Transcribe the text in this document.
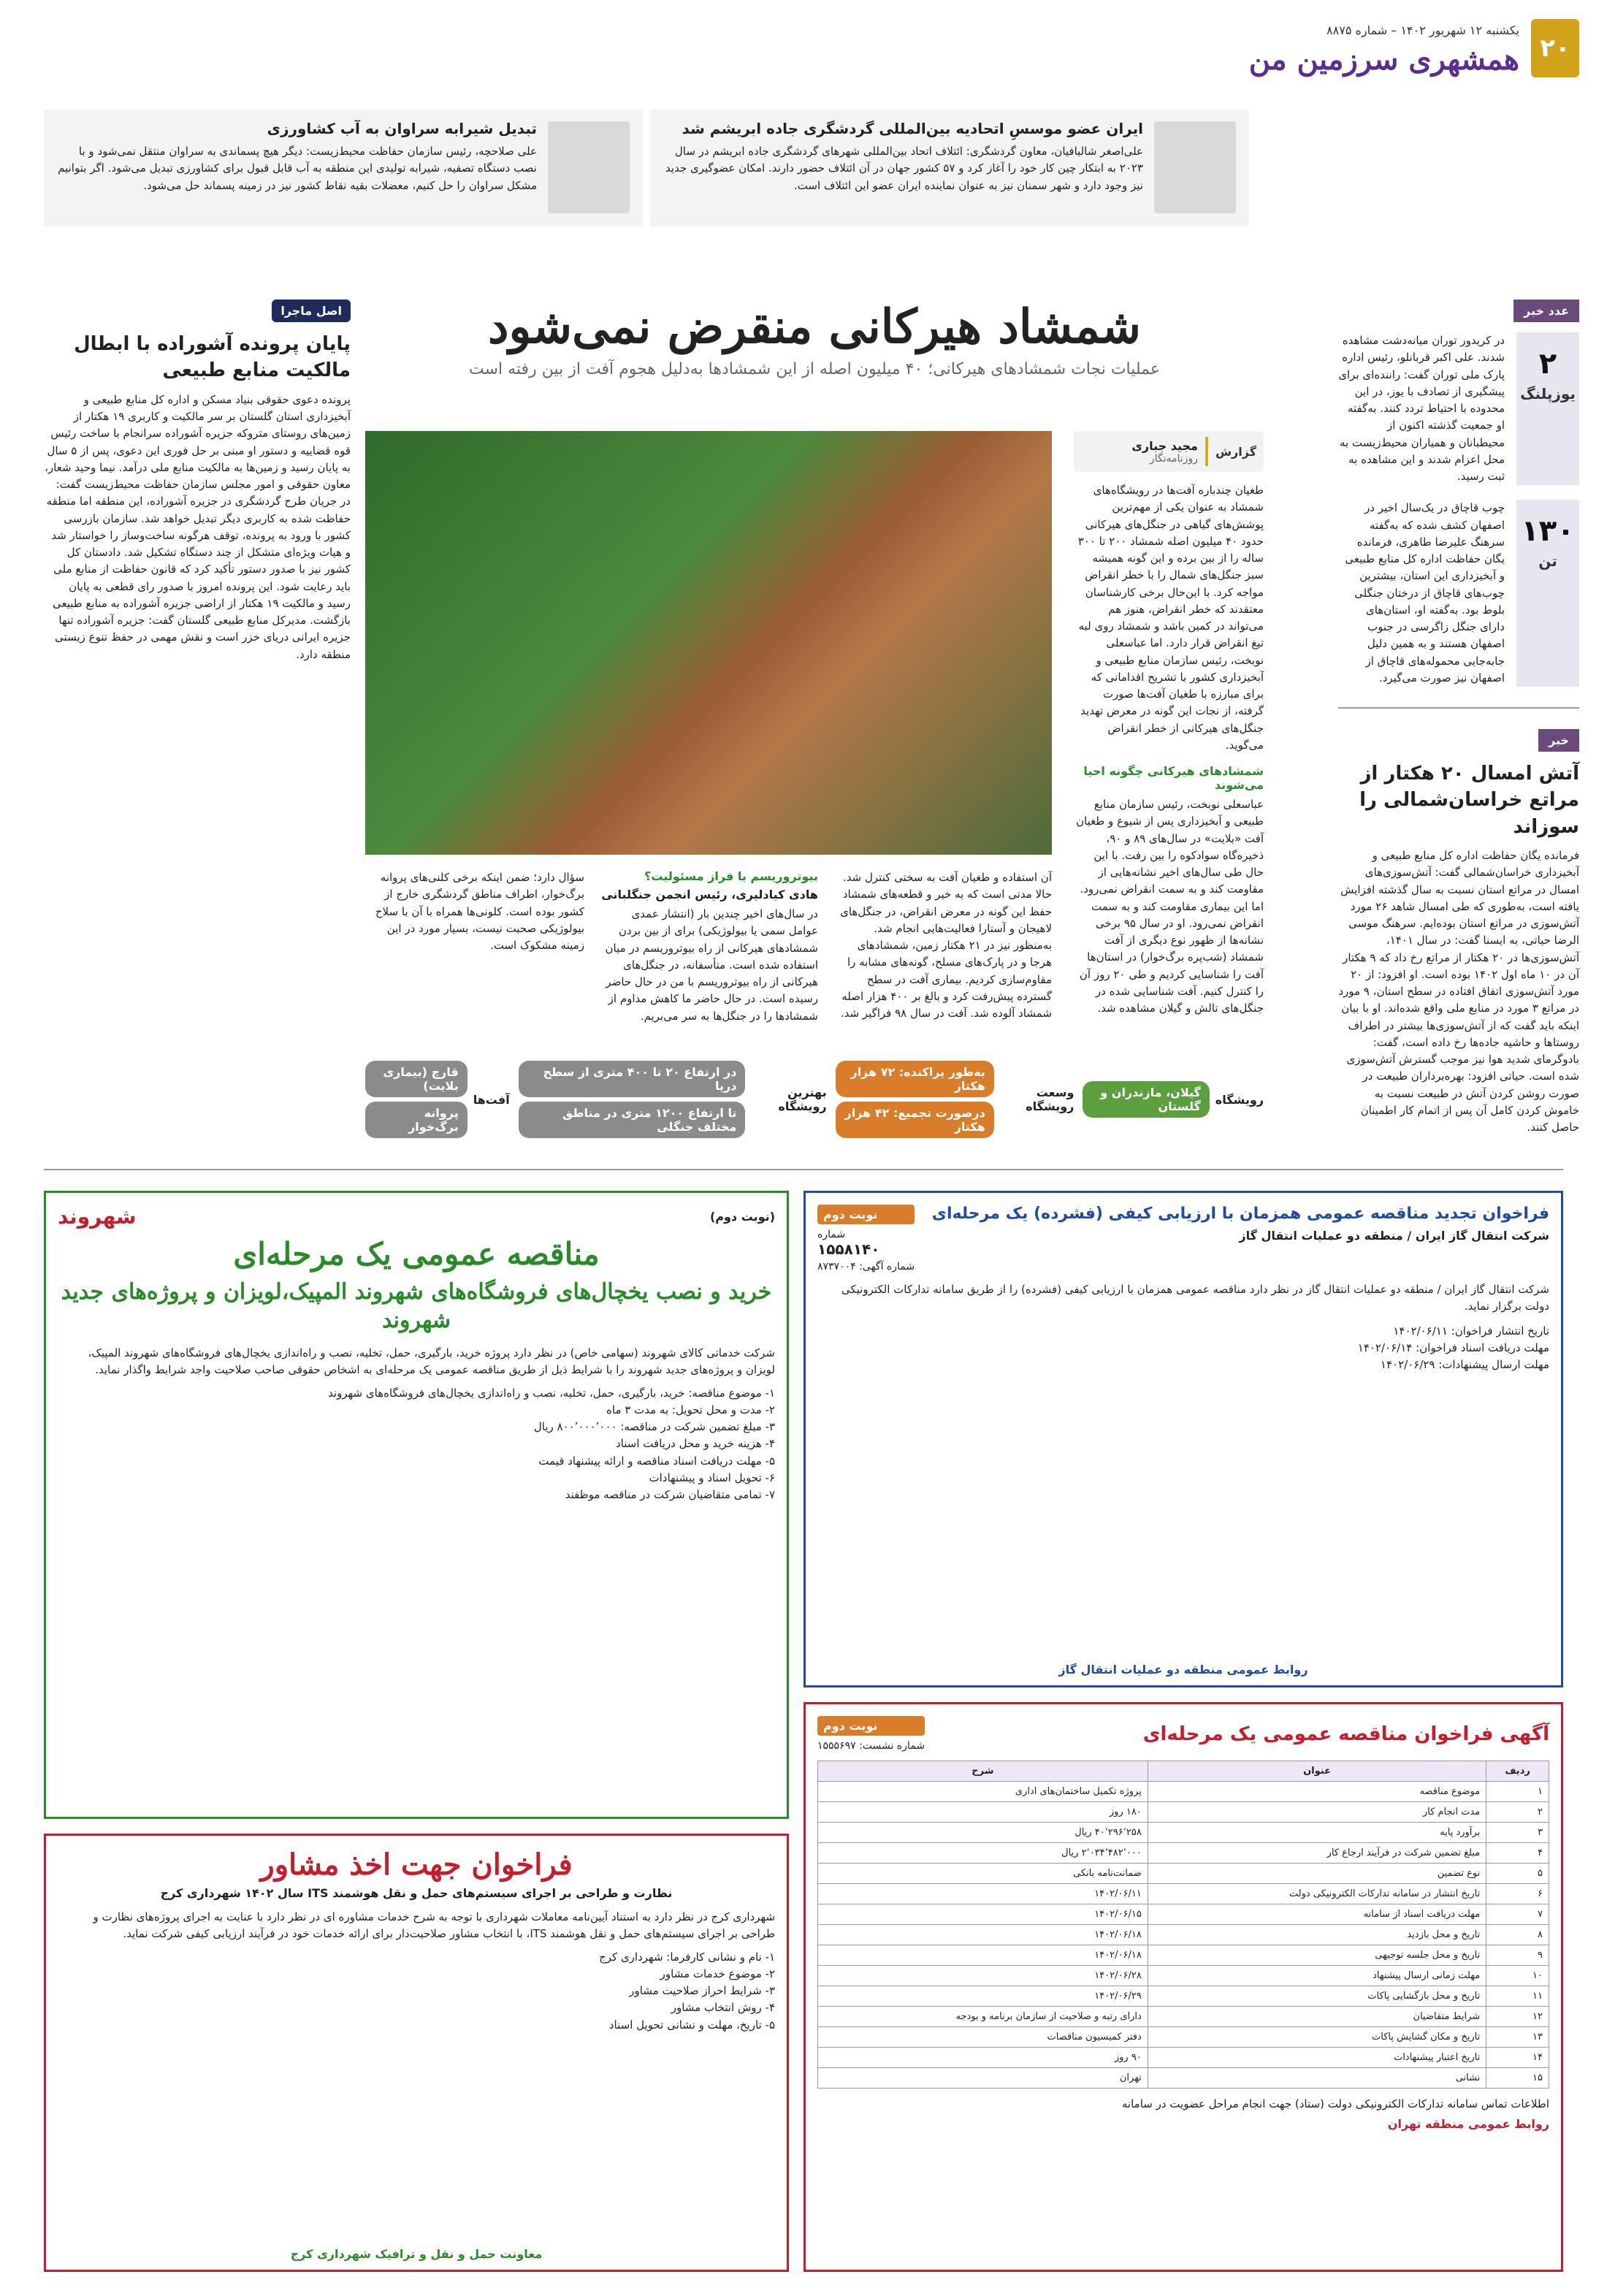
۲۰
یکشنبه ۱۲ شهریور ۱۴۰۲ – شماره ۸۸۷۵
همشهری سرزمین من
ایران عضو موسسِ اتحادیه بین‌المللی گردشگری جاده ابریشم شد
علی‌اصغر شالبافیان، معاون گردشگری: ائتلاف اتحاد بین‌المللی شهرهای گردشگری جاده ابریشم در سال ۲۰۲۳ به ابتکار چین کار خود را آغاز کرد و ۵۷ کشور جهان در آن ائتلاف حضور دارند. امکان عضوگیری جدید نیز وجود دارد و شهر سمنان نیز به عنوان نماینده ایران عضو این ائتلاف است.
تبدیل شیرابه سراوان به آب کشاورزی
علی صلاحچه، رئیس سازمان حفاظت محیط‌زیست: دیگر هیچ پسماندی به سراوان منتقل نمی‌شود و با نصب دستگاه تصفیه، شیرابه تولیدی این منطقه به آب قابل قبول برای کشاورزی تبدیل می‌شود. اگر بتوانیم مشکل سراوان را حل کنیم، معضلات بقیه نقاط کشور نیز در زمینه پسماند حل می‌شود.
عدد خبر
۲
یوزپلنگ
در کریدور توران میانه‌دشت مشاهده شدند. علی اکبر قربانلو، رئیس اداره پارک ملی توران گفت: راننده‌ای برای پیشگیری از تصادف با یوز، در این محدوده با احتیاط تردد کنند. به‌گفته او جمعیت گذشته اکنون از محیطبانان و همیاران محیط‌زیست به محل اعزام شدند و این مشاهده به ثبت رسید.
۱۳۰
تن
چوب قاچاق در یک‌سال اخیر در اصفهان کشف شده که به‌گفته سرهنگ علیرضا طاهری، فرمانده یگان حفاظت اداره کل منابع طبیعی و آبخیزداری این استان، بیشترین چوب‌های قاچاق از درختان جنگلی بلوط بود. به‌گفته او، استان‌های دارای جنگل زاگرسی در جنوب اصفهان هستند و به همین دلیل جابه‌جایی محموله‌های قاچاق از اصفهان نیز صورت می‌گیرد.
خبر
آتش امسال ۲۰ هکتار از مراتع خراسان‌شمالی را سوزاند
فرمانده یگان حفاظت اداره کل منابع طبیعی و آبخیزداری خراسان‌شمالی گفت: آتش‌سوزی‌های امسال در مراتع استان نسبت به سال گذشته افزایش یافته است، به‌طوری که طی امسال شاهد ۲۶ مورد آتش‌سوزی در مراتع استان بوده‌ایم. سرهنگ موسی الرضا حیاتی، به ایسنا گفت: در سال ۱۴۰۱، آتش‌سوزی‌ها در ۲۰ هکتار از مراتع رخ داد که ۹ هکتار آن در ۱۰ ماه اول ۱۴۰۲ بوده است. او افزود: از ۲۰ مورد آتش‌سوزی اتفاق افتاده در سطح استان، ۹ مورد در مراتع ۳ مورد در منابع ملی واقع شده‌اند. او با بیان اینکه باید گفت که از آتش‌سوزی‌ها بیشتر در اطراف روستاها و حاشیه جاده‌ها رخ داده است، گفت: بادوگرمای شدید هوا نیز موجب گسترش آتش‌سوزی شده است. حیاتی افزود: بهره‌برداران طبیعت در صورت روشن کردن آتش در طبیعت نسبت به خاموش کردن کامل آن پس از اتمام کار اطمینان حاصل کنند.
شمشاد هیرکانی منقرض نمی‌شود
عملیات نجات شمشادهای هیرکانی؛ ۴۰ میلیون اصله از این شمشادها به‌دلیل هجوم آفت از بین رفته است
گزارش
مجید جباری
روزنامه‌نگار
طغیان چندباره آفت‌ها در رویشگاه‌های شمشاد به عنوان یکی از مهم‌ترین پوشش‌های گیاهی در جنگل‌های هیرکانی حدود ۴۰ میلیون اصله شمشاد ۲۰۰ تا ۳۰۰ ساله را از بین برده و این گونه همیشه سبز جنگل‌های شمال را با خطر انقراض مواجه کرد. با این‌حال برخی کارشناسان معتقدند که خطر انقراض، هنوز هم می‌تواند در کمین باشد و شمشاد روی لبه تیغ انقراض قرار دارد. اما عباسعلی نوبخت، رئیس سازمان منابع طبیعی و آبخیزداری کشور با تشریح اقدامانی که برای مبارزه با طغیان آفت‌ها صورت گرفته، از نجات این گونه در معرض تهدید جنگل‌های هیرکانی از خطر انقراض می‌گوید.
شمشادهای هیرکانی چگونه احیا می‌شوند
عباسعلی نوبخت، رئیس سازمان منابع طبیعی و آبخیزداری پس از شیوع و طغیان آفت «بلایت» در سال‌های ۸۹ و ۹۰، ذخیره‌گاه سوادکوه را بین رفت. با این حال طی سال‌های اخیر نشانه‌هایی از مقاومت کند و به سمت انقراض نمی‌رود. اما این بیماری مقاومت کند و به سمت انقراض نمی‌رود. او در سال ۹۵ برخی نشانه‌ها از ظهور نوع دیگری از آفت شمشاد (شب‌پره برگ‌خوار) در استان‌ها آفت را شناسایی کردیم و طی ۲۰ روز آن را کنترل کنیم. آفت شناسایی شده در جنگل‌های تالش و گیلان مشاهده شد.
آن استفاده و طغیان آفت به سختی کنترل شد. حالا مدتی است که به خیر و قطعه‌های شمشاد حفظ این گونه در معرض انقراض، در جنگل‌های لاهیجان و آستارا فعالیت‌هایی انجام شد. به‌منظور نیز در ۲۱ هکتار زمین، شمشادهای هرجا و در پارک‌های مسلح، گونه‌های مشابه را مقاوم‌سازی کردیم. بیماری آفت در سطح گسترده پیش‌رفت کرد و بالغ بر ۴۰۰ هزار اصله شمشاد آلوده شد. آفت در سال ۹۸ فراگیر شد.
بیوتروریسم یا فراز مسئولیت؟
هادی کیادلیری، رئیس انجمن جنگلبانی
در سال‌های اخیر چندین بار (انتشار عمدی عوامل سمی یا بیولوژیکی) برای از بین بردن شمشادهای هیرکانی از راه بیوتروریسم در میان استفاده شده است. متأسفانه، در جنگل‌های هیرکانی از راه بیوتروریسم با من در حال حاضر رسیده است. در حال حاضر ما کاهش مداوم از شمشادها را در جنگل‌ها به سر می‌بریم.
سؤال دارد؛ ضمن اینکه برخی کلنی‌های پروانه برگ‌خوار، اطراف مناطق گردشگری خارج از کشور بوده است. کلونی‌ها همراه با آن با سلاح بیولوژیکی صحبت نیست، بسیار مورد در این زمینه مشکوک است.
رویشگاه
گیلان، مازندران و گلستان
وسعت رویشگاه
به‌طور پراکنده: ۷۲ هزار هکتار
درصورت تجمیع: ۴۲ هزار هکتار
بهترین رویشگاه
در ارتفاع ۲۰ تا ۴۰۰ متری از سطح دریا
تا ارتفاع ۱۲۰۰ متری در مناطق مختلف جنگلی
آفت‌ها
قارچ (بیماری بلایت)
پروانه برگ‌خوار
اصل ماجرا
پایان پرونده آشوراده با ابطال مالکیت منابع طبیعی
پرونده دعوی حقوقی بنیاد مسکن و اداره کل منابع طبیعی و آبخیزداری استان گلستان بر سر مالکیت و کاربری ۱۹ هکتار از زمین‌های روستای متروکه جزیره آشوراده سرانجام با ساخت رئیس قوه قضاییه و دستور او مبنی بر حل فوری این دعوی، پس از ۵ سال به پایان رسید و زمین‌ها به مالکیت منابع ملی درآمد. نیما وحید شعار، معاون حقوقی و امور مجلس سازمان حفاظت محیط‌زیست گفت: در جریان طرح گردشگری در جزیره آشوراده، این منطقه اما منطقه حفاظت شده به کاربری دیگر تبدیل خواهد شد. سازمان بازرسی کشور با ورود به پرونده، توقف هرگونه ساخت‌وساز را خواستار شد و هیات ویژه‌ای متشکل از چند دستگاه تشکیل شد. دادستان کل کشور نیز با صدور دستور تأکید کرد که قانون حفاظت از منابع ملی باید رعایت شود. این پرونده امروز با صدور رای قطعی به پایان رسید و مالکیت ۱۹ هکتار از اراضی جزیره آشوراده به منابع طبیعی بازگشت. مدیرکل منابع طبیعی گلستان گفت: جزیره آشوراده تنها جزیره ایرانی دریای خزر است و نقش مهمی در حفظ تنوع زیستی منطقه دارد.
(نوبت دوم)
شهروند
مناقصه عمومی یک مرحله‌ای
خرید و نصب یخچال‌های فروشگاه‌های شهروند المپیک،لویزان و پروژه‌های جدید شهروند
شرکت خدماتی کالای شهروند (سهامی خاص) در نظر دارد پروژه خرید، بارگیری، حمل، تخلیه، نصب و راه‌اندازی یخچال‌های فروشگاه‌های شهروند المپیک، لویزان و پروژه‌های جدید شهروند را با شرایط ذیل از طریق مناقصه عمومی یک مرحله‌ای به اشخاص حقوقی صاحب صلاحیت واجد شرایط واگذار نماید.
۱- موضوع مناقصه: خرید، بارگیری، حمل، تخلیه، نصب و راه‌اندازی یخچال‌های فروشگاه‌های شهروند
۲- مدت و محل تحویل: به مدت ۳ ماه
۳- مبلغ تضمین شرکت در مناقصه: ۸۰۰٬۰۰۰٬۰۰۰ ریال
۴- هزینه خرید و محل دریافت اسناد
۵- مهلت دریافت اسناد مناقصه و ارائه پیشنهاد قیمت
۶- تحویل اسناد و پیشنهادات
۷- تمامی متقاضیان شرکت در مناقصه موظفند
فراخوان تجدید مناقصه عمومی همزمان با ارزیابی کیفی (فشرده) یک مرحله‌ای
شرکت انتقال گاز ایران / منطقه دو عملیات انتقال گاز
نوبت دوم
شماره
۱۵۵۸۱۴۰
شماره آگهی: ۸۷۳۷۰۰۴
شرکت انتقال گاز ایران / منطقه دو عملیات انتقال گاز در نظر دارد مناقصه عمومی همزمان با ارزیابی کیفی (فشرده) را از طریق سامانه تدارکات الکترونیکی دولت برگزار نماید.
تاریخ انتشار فراخوان: ۱۴۰۲/۰۶/۱۱
مهلت دریافت اسناد فراخوان: ۱۴۰۲/۰۶/۱۴
مهلت ارسال پیشنهادات: ۱۴۰۲/۰۶/۲۹
روابط عمومی منطقه دو عملیات انتقال گاز
آگهی فراخوان مناقصه عمومی یک مرحله‌ای
نوبت دوم
شماره نشست: ۱۵۵۵۶۹۷
ردیف	عنوان	شرح
۱	موضوع مناقصه	پروژه تکمیل ساختمان‌های اداری
۲	مدت انجام کار	۱۸۰ روز
۳	برآورد پایه	۴۰٬۲۹۶٬۲۵۸ ریال
۴	مبلغ تضمین شرکت در فرآیند ارجاع کار	۲٬۰۳۴٬۴۸۲٬۰۰۰ ریال
۵	نوع تضمین	ضمانت‌نامه بانکی
۶	تاریخ انتشار در سامانه تدارکات الکترونیکی دولت	۱۴۰۲/۰۶/۱۱
۷	مهلت دریافت اسناد از سامانه	۱۴۰۲/۰۶/۱۵
۸	تاریخ و محل بازدید	۱۴۰۲/۰۶/۱۸
۹	تاریخ و محل جلسه توجیهی	۱۴۰۲/۰۶/۱۸
۱۰	مهلت زمانی ارسال پیشنهاد	۱۴۰۲/۰۶/۲۸
۱۱	تاریخ و محل بازگشایی پاکات	۱۴۰۲/۰۶/۲۹
۱۲	شرایط متقاضیان	دارای رتبه و صلاحیت از سازمان برنامه و بودجه
۱۳	تاریخ و مکان گشایش پاکات	دفتر کمیسیون مناقصات
۱۴	تاریخ اعتبار پیشنهادات	۹۰ روز
۱۵	نشانی	تهران
اطلاعات تماس سامانه تدارکات الکترونیکی دولت (ستاد) جهت انجام مراحل عضویت در سامانه
روابط عمومی منطقه تهران
فراخوان جهت اخذ مشاور
نظارت و طراحی بر اجرای سیستم‌های حمل و نقل هوشمند ITS سال ۱۴۰۲ شهرداری کرج
شهرداری کرج در نظر دارد به استناد آیین‌نامه معاملات شهرداری با توجه به شرح خدمات مشاوره ای در نظر دارد با عنایت به اجرای پروژه‌های نظارت و طراحی بر اجرای سیستم‌های حمل و نقل هوشمند ITS، با انتخاب مشاور صلاحیت‌دار برای ارائه خدمات خود در فرآیند ارزیابی کیفی شرکت نماید.
۱- نام و نشانی کارفرما: شهرداری کرج
۲- موضوع خدمات مشاور
۳- شرایط احراز صلاحیت مشاور
۴- روش انتخاب مشاور
۵- تاریخ، مهلت و نشانی تحویل اسناد
معاونت حمل و نقل و ترافیک شهرداری کرج
